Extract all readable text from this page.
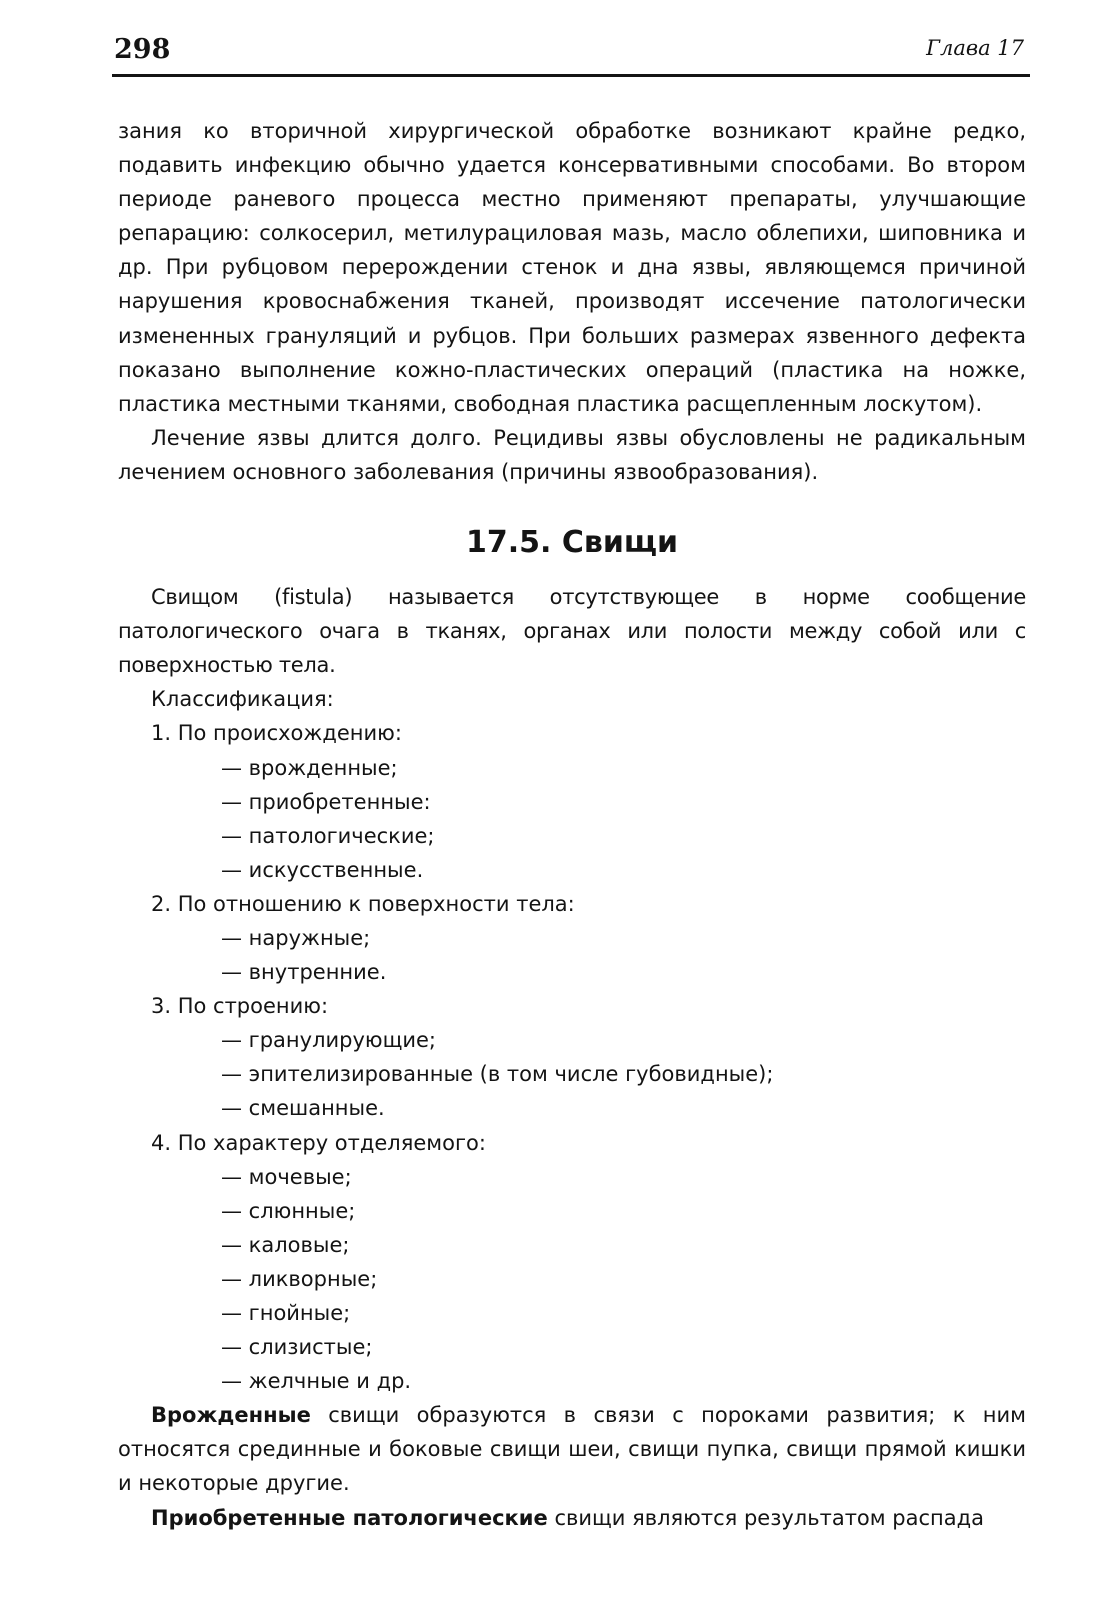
298	Глава 17

зания ко вторичной хирургической обработке возникают крайне редко, подавить инфекцию обычно удается консервативными способами. Во втором периоде раневого процесса местно применяют препараты, улучшающие репарацию: солкосерил, метилурациловая мазь, масло облепихи, шиповника и др. При рубцовом перерождении стенок и дна язвы, являющемся причиной нарушения кровоснабжения тканей, производят иссечение патологически измененных грануляций и рубцов. При больших размерах язвенного дефекта показано выполнение кожно-пластических операций (пластика на ножке, пластика местными тканями, свободная пластика расщепленным лоскутом).

Лечение язвы длится долго. Рецидивы язвы обусловлены не радикальным лечением основного заболевания (причины язвообразования).

17.5. Свищи

Свищом (fistula) называется отсутствующее в норме сообщение патологического очага в тканях, органах или полости между собой или с поверхностью тела.

Классификация:

1. По происхождению:
— врожденные;
— приобретенные:
— патологические;
— искусственные.
2. По отношению к поверхности тела:
— наружные;
— внутренние.
3. По строению:
— гранулирующие;
— эпителизированные (в том числе губовидные);
— смешанные.
4. По характеру отделяемого:
— мочевые;
— слюнные;
— каловые;
— ликворные;
— гнойные;
— слизистые;
— желчные и др.

Врожденные свищи образуются в связи с пороками развития; к ним относятся срединные и боковые свищи шеи, свищи пупка, свищи прямой кишки и некоторые другие.

Приобретенные патологические свищи являются результатом распада
